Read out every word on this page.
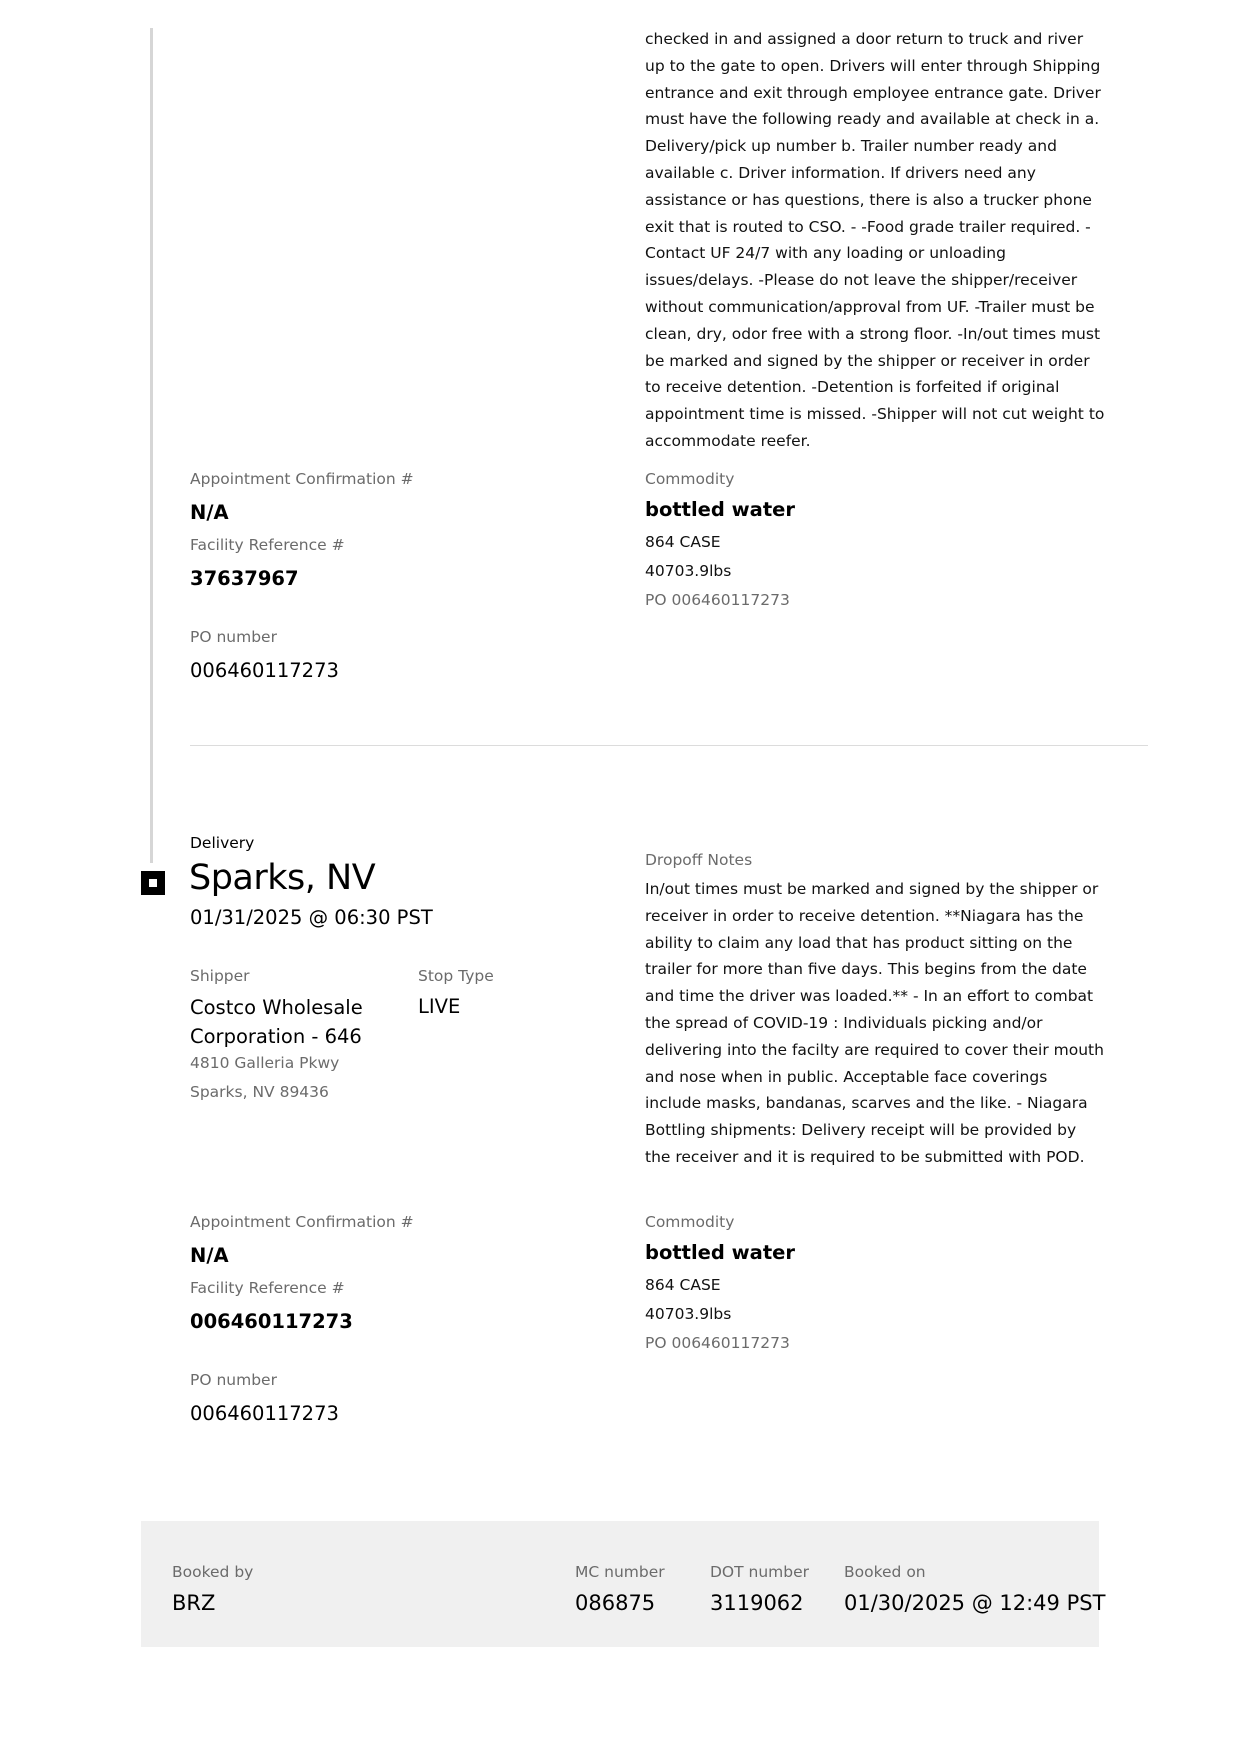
checked in and assigned a door return to truck and river up to the gate to open. Drivers will enter through Shipping entrance and exit through employee entrance gate. Driver must have the following ready and available at check in a. Delivery/pick up number b. Trailer number ready and available c. Driver information. If drivers need any assistance or has questions, there is also a trucker phone exit that is routed to CSO. - -Food grade trailer required. -Contact UF 24/7 with any loading or unloading issues/delays. -Please do not leave the shipper/receiver without communication/approval from UF. -Trailer must be clean, dry, odor free with a strong floor. -In/out times must be marked and signed by the shipper or receiver in order to receive detention. -Detention is forfeited if original appointment time is missed. -Shipper will not cut weight to accommodate reefer.
Appointment Confirmation #
N/A
Facility Reference #
37637967
PO number
006460117273
Commodity
bottled water
864 CASE
40703.9lbs
PO 006460117273
Delivery
Sparks, NV
01/31/2025 @ 06:30 PST
Shipper
Costco Wholesale Corporation - 646
4810 Galleria Pkwy
Sparks, NV 89436
Stop Type
LIVE
Dropoff Notes
In/out times must be marked and signed by the shipper or receiver in order to receive detention. **Niagara has the ability to claim any load that has product sitting on the trailer for more than five days. This begins from the date and time the driver was loaded.** - In an effort to combat the spread of COVID-19 : Individuals picking and/or delivering into the facilty are required to cover their mouth and nose when in public. Acceptable face coverings include masks, bandanas, scarves and the like. - Niagara Bottling shipments: Delivery receipt will be provided by the receiver and it is required to be submitted with POD.
Appointment Confirmation #
N/A
Facility Reference #
006460117273
PO number
006460117273
Commodity
bottled water
864 CASE
40703.9lbs
PO 006460117273
Booked by
BRZ
MC number
086875
DOT number
3119062
Booked on
01/30/2025 @ 12:49 PST
